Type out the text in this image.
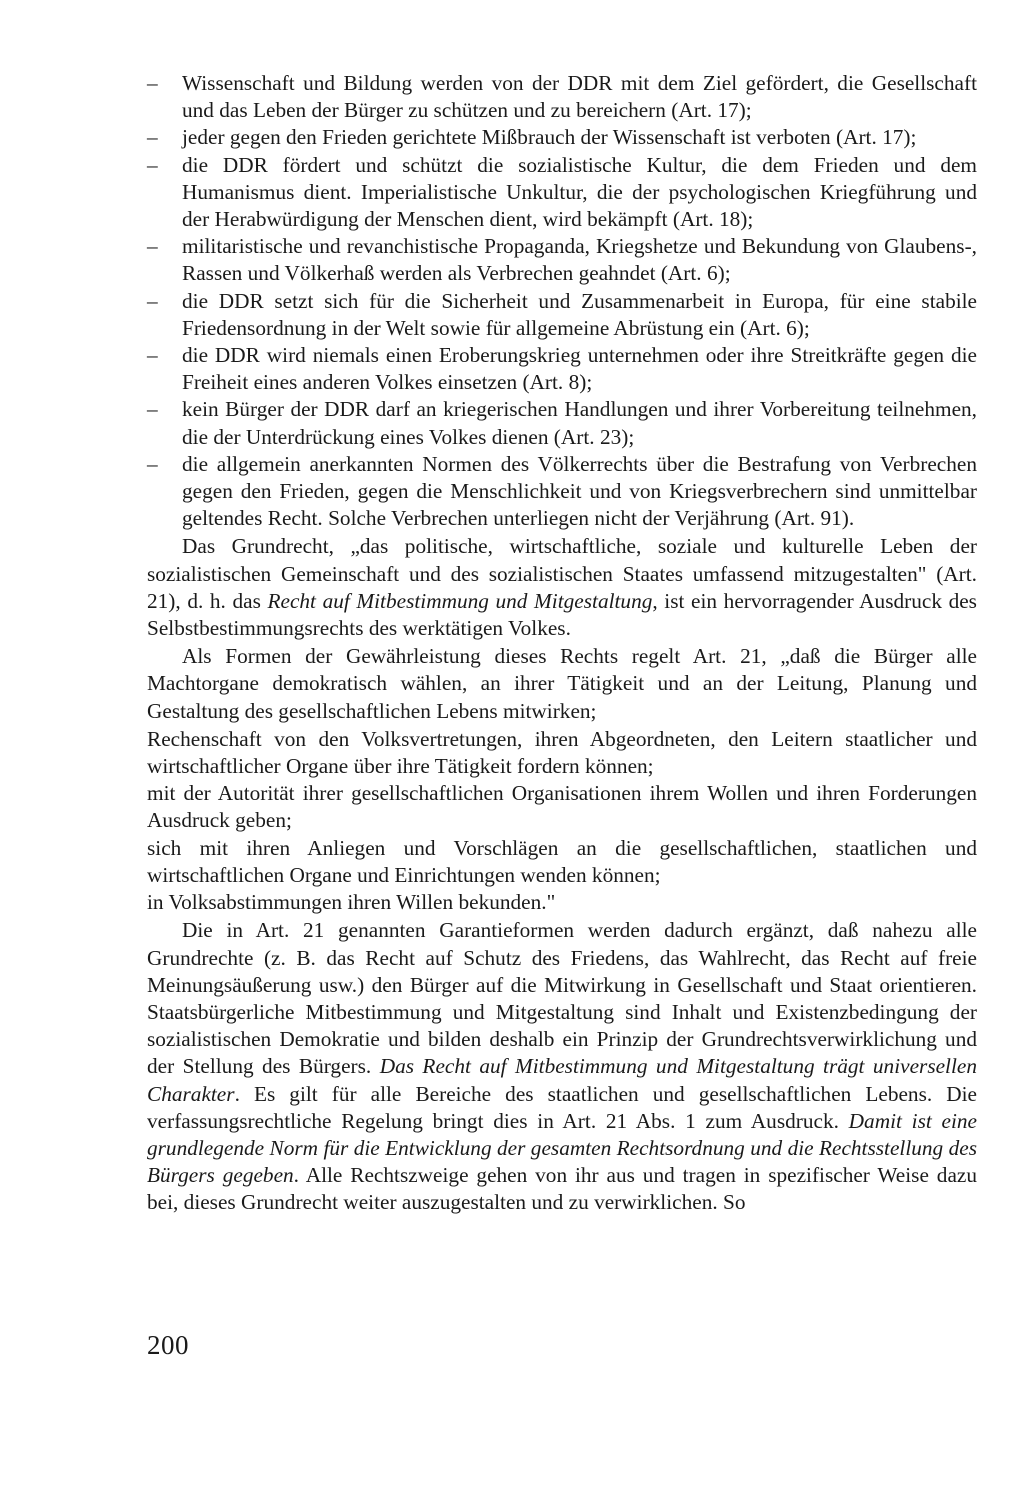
– Wissenschaft und Bildung werden von der DDR mit dem Ziel gefördert, die Gesellschaft und das Leben der Bürger zu schützen und zu bereichern (Art. 17);
– jeder gegen den Frieden gerichtete Mißbrauch der Wissenschaft ist verboten (Art. 17);
– die DDR fördert und schützt die sozialistische Kultur, die dem Frieden und dem Humanismus dient. Imperialistische Unkultur, die der psychologischen Kriegführung und der Herabwürdigung der Menschen dient, wird bekämpft (Art. 18);
– militaristische und revanchistische Propaganda, Kriegshetze und Bekundung von Glaubens-, Rassen und Völkerhaß werden als Verbrechen geahndet (Art. 6);
– die DDR setzt sich für die Sicherheit und Zusammenarbeit in Europa, für eine stabile Friedensordnung in der Welt sowie für allgemeine Abrüstung ein (Art. 6);
– die DDR wird niemals einen Eroberungskrieg unternehmen oder ihre Streitkräfte gegen die Freiheit eines anderen Volkes einsetzen (Art. 8);
– kein Bürger der DDR darf an kriegerischen Handlungen und ihrer Vorbereitung teilnehmen, die der Unterdrückung eines Volkes dienen (Art. 23);
– die allgemein anerkannten Normen des Völkerrechts über die Bestrafung von Verbrechen gegen den Frieden, gegen die Menschlichkeit und von Kriegsverbrechern sind unmittelbar geltendes Recht. Solche Verbrechen unterliegen nicht der Verjährung (Art. 91).
Das Grundrecht, „das politische, wirtschaftliche, soziale und kulturelle Leben der sozialistischen Gemeinschaft und des sozialistischen Staates umfassend mitzugestalten" (Art. 21), d. h. das Recht auf Mitbestimmung und Mitgestaltung, ist ein hervorragender Ausdruck des Selbstbestimmungsrechts des werktätigen Volkes.
Als Formen der Gewährleistung dieses Rechts regelt Art. 21, „daß die Bürger alle Machtorgane demokratisch wählen, an ihrer Tätigkeit und an der Leitung, Planung und Gestaltung des gesellschaftlichen Lebens mitwirken;
Rechenschaft von den Volksvertretungen, ihren Abgeordneten, den Leitern staatlicher und wirtschaftlicher Organe über ihre Tätigkeit fordern können;
mit der Autorität ihrer gesellschaftlichen Organisationen ihrem Wollen und ihren Forderungen Ausdruck geben;
sich mit ihren Anliegen und Vorschlägen an die gesellschaftlichen, staatlichen und wirtschaftlichen Organe und Einrichtungen wenden können;
in Volksabstimmungen ihren Willen bekunden."
Die in Art. 21 genannten Garantieformen werden dadurch ergänzt, daß nahezu alle Grundrechte (z. B. das Recht auf Schutz des Friedens, das Wahlrecht, das Recht auf freie Meinungsäußerung usw.) den Bürger auf die Mitwirkung in Gesellschaft und Staat orientieren. Staatsbürgerliche Mitbestimmung und Mitgestaltung sind Inhalt und Existenzbedingung der sozialistischen Demokratie und bilden deshalb ein Prinzip der Grundrechtsverwirklichung und der Stellung des Bürgers. Das Recht auf Mitbestimmung und Mitgestaltung trägt universellen Charakter. Es gilt für alle Bereiche des staatlichen und gesellschaftlichen Lebens. Die verfassungsrechtliche Regelung bringt dies in Art. 21 Abs. 1 zum Ausdruck. Damit ist eine grundlegende Norm für die Entwicklung der gesamten Rechtsordnung und die Rechtsstellung des Bürgers gegeben. Alle Rechtszweige gehen von ihr aus und tragen in spezifischer Weise dazu bei, dieses Grundrecht weiter auszugestalten und zu verwirklichen. So
200
